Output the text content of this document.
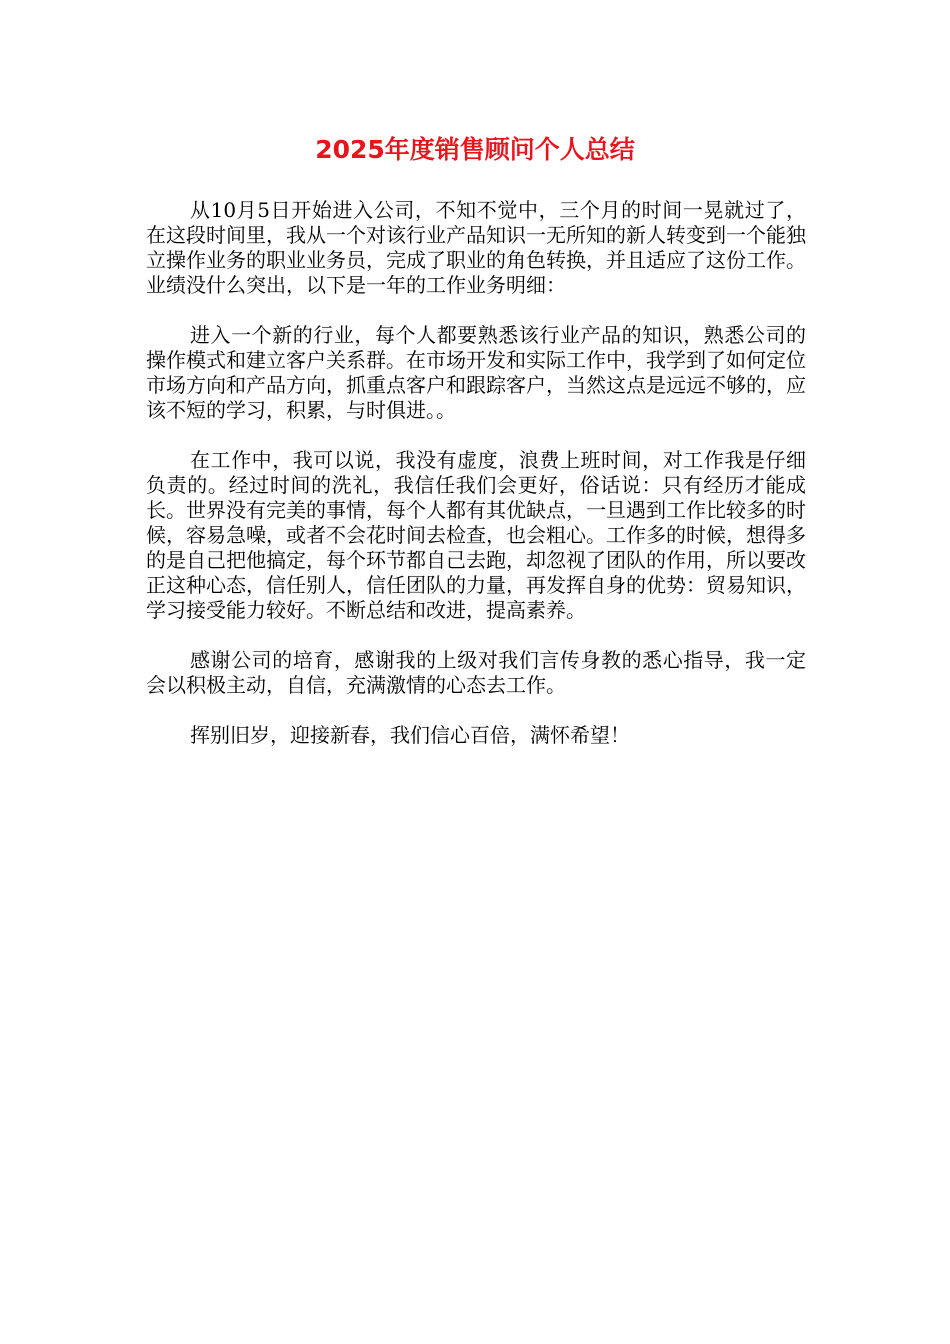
2025年度销售顾问个人总结

从10月5日开始进入公司，不知不觉中，三个月的时间一晃就过了，在这段时间里，我从一个对该行业产品知识一无所知的新人转变到一个能独立操作业务的职业业务员，完成了职业的角色转换，并且适应了这份工作。业绩没什么突出，以下是一年的工作业务明细：

进入一个新的行业，每个人都要熟悉该行业产品的知识，熟悉公司的操作模式和建立客户关系群。在市场开发和实际工作中，我学到了如何定位市场方向和产品方向，抓重点客户和跟踪客户，当然这点是远远不够的，应该不短的学习，积累，与时俱进。。

在工作中，我可以说，我没有虚度，浪费上班时间，对工作我是仔细负责的。经过时间的洗礼，我信任我们会更好，俗话说：只有经历才能成长。世界没有完美的事情，每个人都有其优缺点，一旦遇到工作比较多的时候，容易急噪，或者不会花时间去检查，也会粗心。工作多的时候，想得多的是自己把他搞定，每个环节都自己去跑，却忽视了团队的作用，所以要改正这种心态，信任别人，信任团队的力量，再发挥自身的优势：贸易知识，学习接受能力较好。不断总结和改进，提高素养。

感谢公司的培育，感谢我的上级对我们言传身教的悉心指导，我一定会以积极主动，自信，充满激情的心态去工作。

挥别旧岁，迎接新春，我们信心百倍，满怀希望！
